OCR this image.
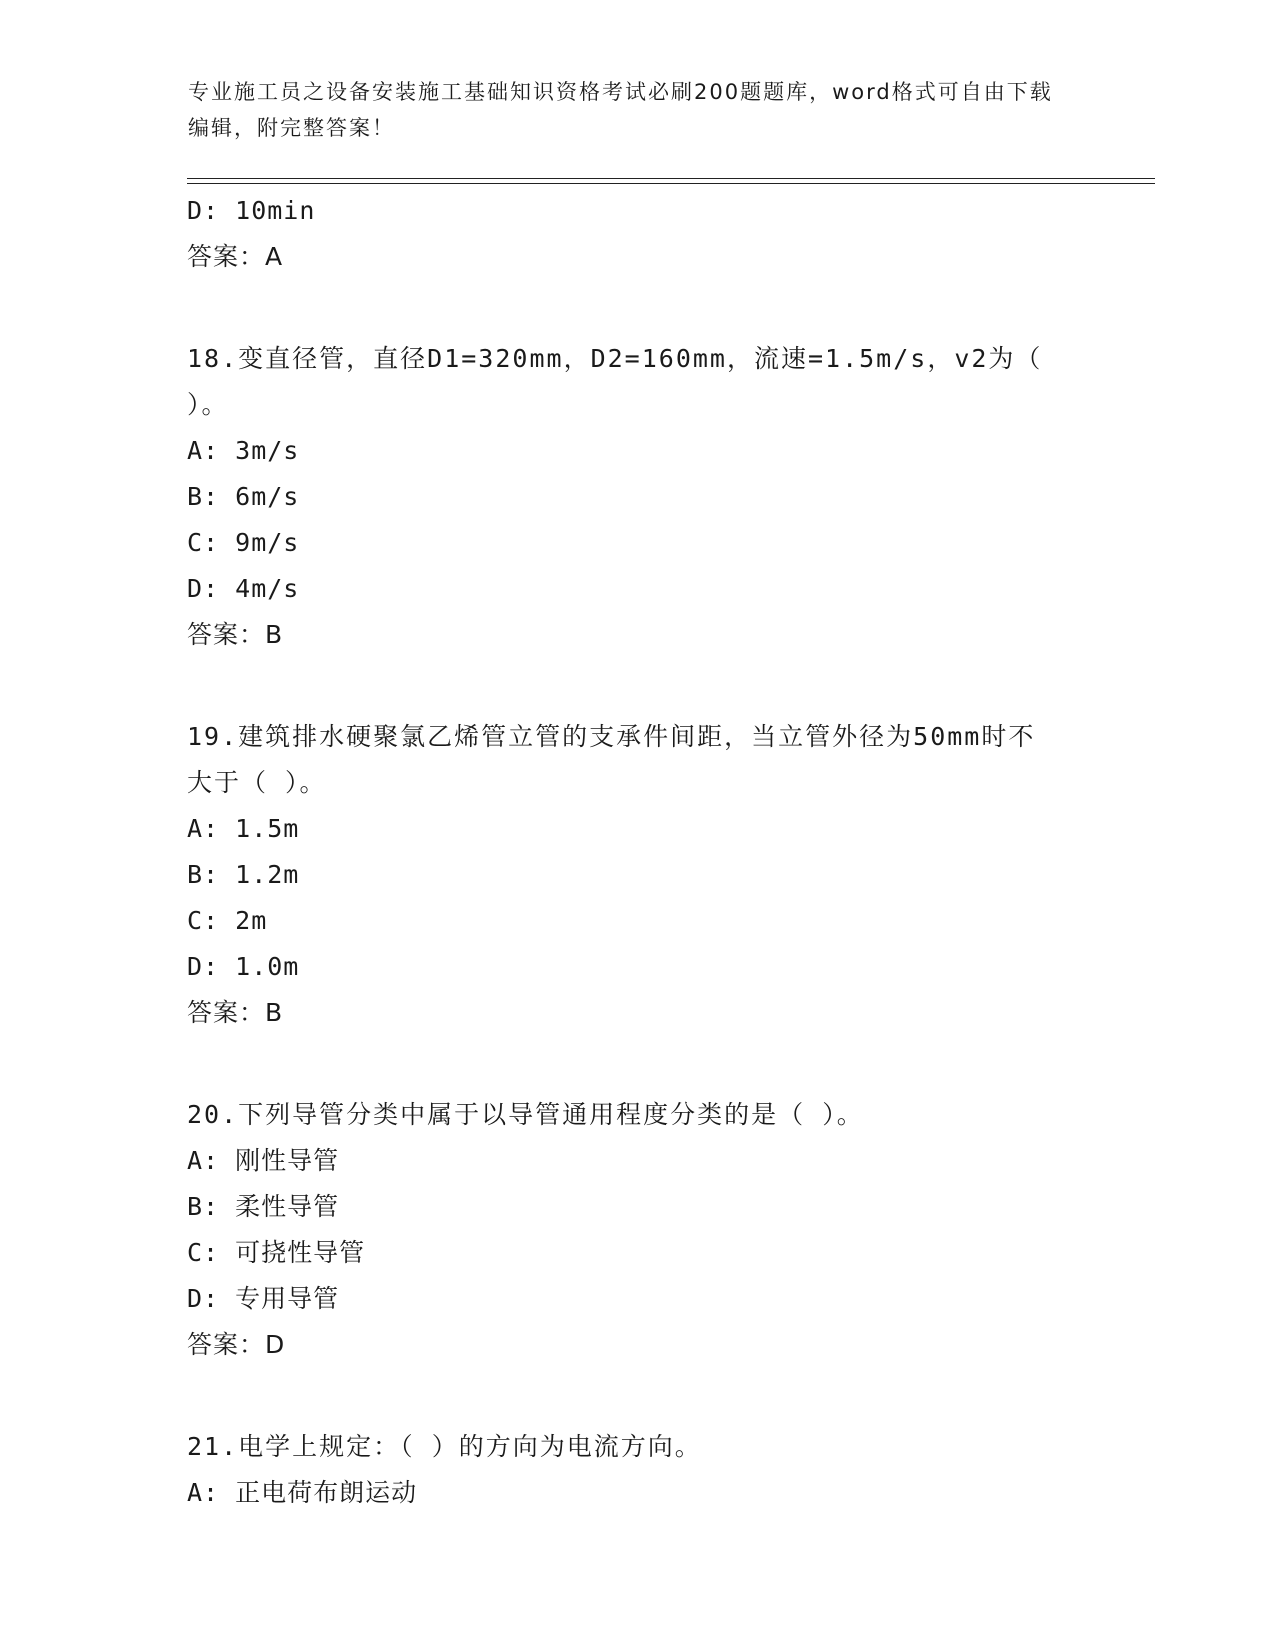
专业施工员之设备安装施工基础知识资格考试必刷200题题库，word格式可自由下载编辑，附完整答案！
D: 10min
答案：A
18.变直径管，直径D1=320mm，D2=160mm，流速=1.5m/s，v2为（ ）。
A: 3m/s
B: 6m/s
C: 9m/s
D: 4m/s
答案：B
19.建筑排水硬聚氯乙烯管立管的支承件间距，当立管外径为50mm时不大于（ ）。
A: 1.5m
B: 1.2m
C: 2m
D: 1.0m
答案：B
20.下列导管分类中属于以导管通用程度分类的是（ ）。
A: 刚性导管
B: 柔性导管
C: 可挠性导管
D: 专用导管
答案：D
21.电学上规定：（ ）的方向为电流方向。
A: 正电荷布朗运动
